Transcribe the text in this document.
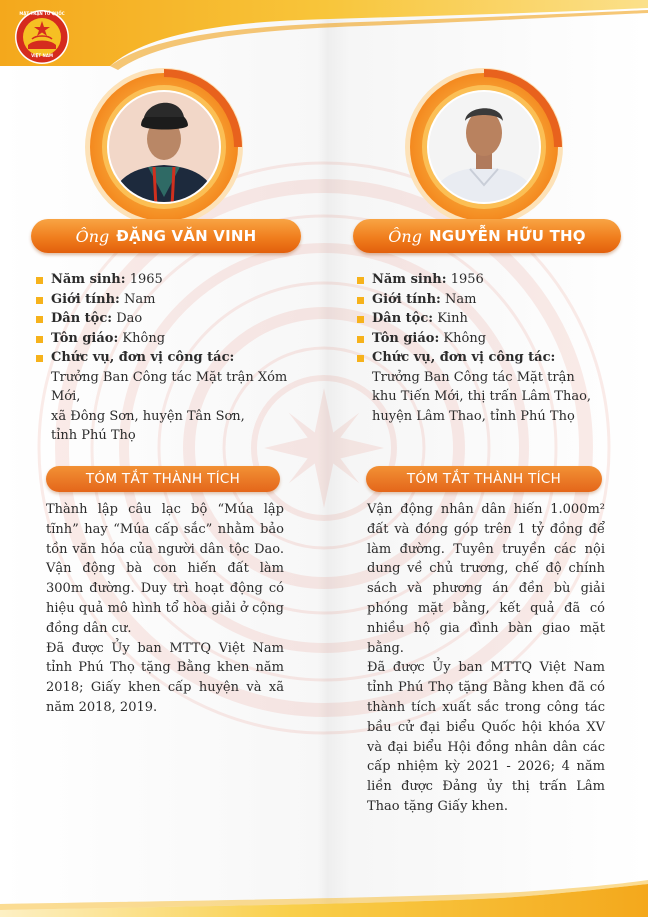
MẶT TRẬN TỔ QUỐC
VIỆT NAM
Ông ĐẶNG VĂN VINH
Năm sinh: 1965
Giới tính: Nam
Dân tộc: Dao
Tôn giáo: Không
Chức vụ, đơn vị công tác:
Trưởng Ban Công tác Mặt trận Xóm Mới,
xã Đông Sơn, huyện Tân Sơn,
tỉnh Phú Thọ
TÓM TẮT THÀNH TÍCH

Thành lập câu lạc bộ “Múa lập tĩnh” hay “Múa cấp sắc” nhằm bảo tồn văn hóa của người dân tộc Dao. Vận động bà con hiến đất làm 300m đường. Duy trì hoạt động có hiệu quả mô hình tổ hòa giải ở cộng đồng dân cư.

Đã được Ủy ban MTTQ Việt Nam tỉnh Phú Thọ tặng Bằng khen năm 2018; Giấy khen cấp huyện và xã năm 2018, 2019.

Ông NGUYỄN HỮU THỌ
Năm sinh: 1956
Giới tính: Nam
Dân tộc: Kinh
Tôn giáo: Không
Chức vụ, đơn vị công tác:
Trưởng Ban Công tác Mặt trận
khu Tiến Mới, thị trấn Lâm Thao,
huyện Lâm Thao, tỉnh Phú Thọ
TÓM TẮT THÀNH TÍCH

Vận động nhân dân hiến 1.000m² đất và đóng góp trên 1 tỷ đồng để làm đường. Tuyên truyền các nội dung về chủ trương, chế độ chính sách và phương án đền bù giải phóng mặt bằng, kết quả đã có nhiều hộ gia đình bàn giao mặt bằng.

Đã được Ủy ban MTTQ Việt Nam tỉnh Phú Thọ tặng Bằng khen đã có thành tích xuất sắc trong công tác bầu cử đại biểu Quốc hội khóa XV và đại biểu Hội đồng nhân dân các cấp nhiệm kỳ 2021 - 2026; 4 năm liền được Đảng ủy thị trấn Lâm Thao tặng Giấy khen.
